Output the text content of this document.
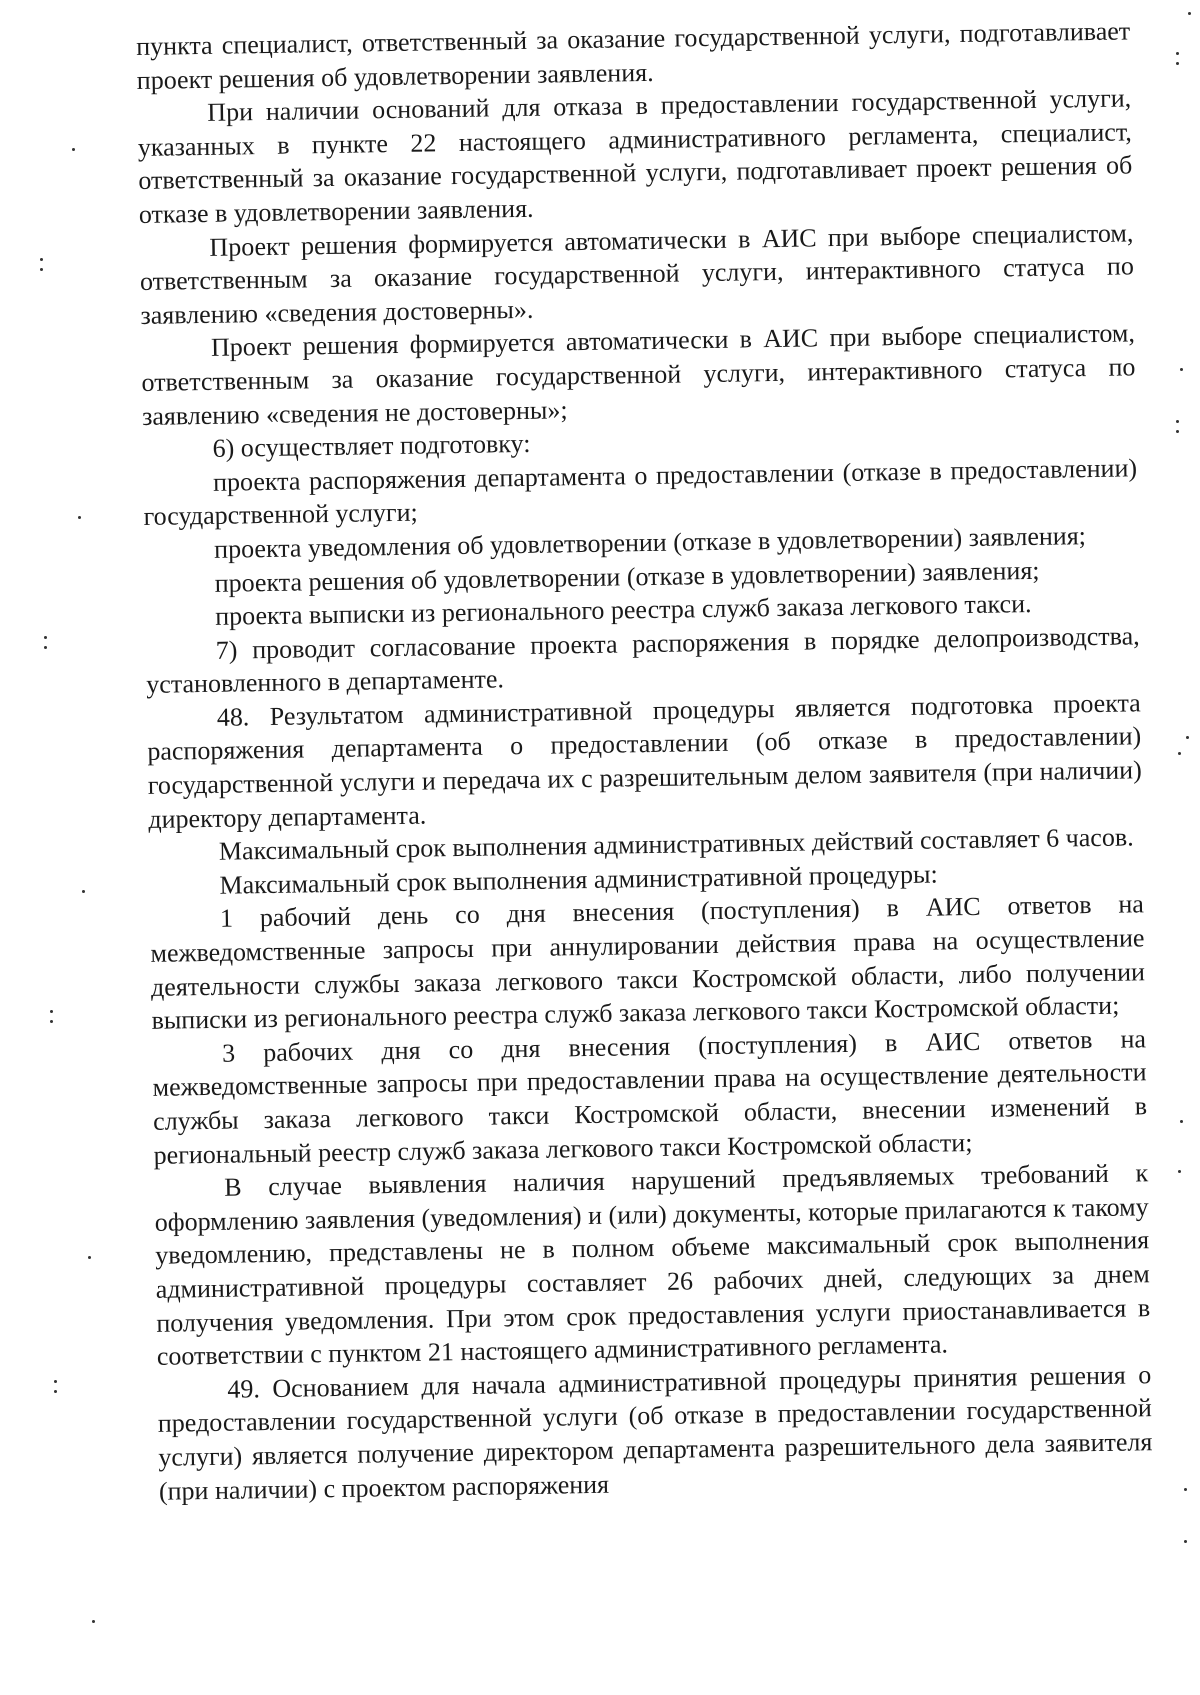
пункта специалист, ответственный за оказание государственной услуги, подготавливает проект решения об удовлетворении заявления.

При наличии оснований для отказа в предоставлении государственной услуги, указанных в пункте 22 настоящего административного регламента, специалист, ответственный за оказание государственной услуги, подготавливает проект решения об отказе в удовлетворении заявления.

Проект решения формируется автоматически в АИС при выборе специалистом, ответственным за оказание государственной услуги, интерактивного статуса по заявлению «сведения достоверны».

Проект решения формируется автоматически в АИС при выборе специалистом, ответственным за оказание государственной услуги, интерактивного статуса по заявлению «сведения не достоверны»;

6) осуществляет подготовку:

проекта распоряжения департамента о предоставлении (отказе в предоставлении) государственной услуги;

проекта уведомления об удовлетворении (отказе в удовлетворении) заявления;

проекта решения об удовлетворении (отказе в удовлетворении) заявления;

проекта выписки из регионального реестра служб заказа легкового такси.

7) проводит согласование проекта распоряжения в порядке делопроизводства, установленного в департаменте.

48. Результатом административной процедуры является подготовка проекта распоряжения департамента о предоставлении (об отказе в предоставлении) государственной услуги и передача их с разрешительным делом заявителя (при наличии) директору департамента.

Максимальный срок выполнения административных действий составляет 6 часов.

Максимальный срок выполнения административной процедуры:

1 рабочий день со дня внесения (поступления) в АИС ответов на межведомственные запросы при аннулировании действия права на осуществление деятельности службы заказа легкового такси Костромской области, либо получении выписки из регионального реестра служб заказа легкового такси Костромской области;

3 рабочих дня со дня внесения (поступления) в АИС ответов на межведомственные запросы при предоставлении права на осуществление деятельности службы заказа легкового такси Костромской области, внесении изменений в региональный реестр служб заказа легкового такси Костромской области;

В случае выявления наличия нарушений предъявляемых требований к оформлению заявления (уведомления) и (или) документы, которые прилагаются к такому уведомлению, представлены не в полном объеме максимальный срок выполнения административной процедуры составляет 26 рабочих дней, следующих за днем получения уведомления. При этом срок предоставления услуги приостанавливается в соответствии с пунктом 21 настоящего административного регламента.

49. Основанием для начала административной процедуры принятия решения о предоставлении государственной услуги (об отказе в предоставлении государственной услуги) является получение директором департамента разрешительного дела заявителя (при наличии) с проектом распоряжения
